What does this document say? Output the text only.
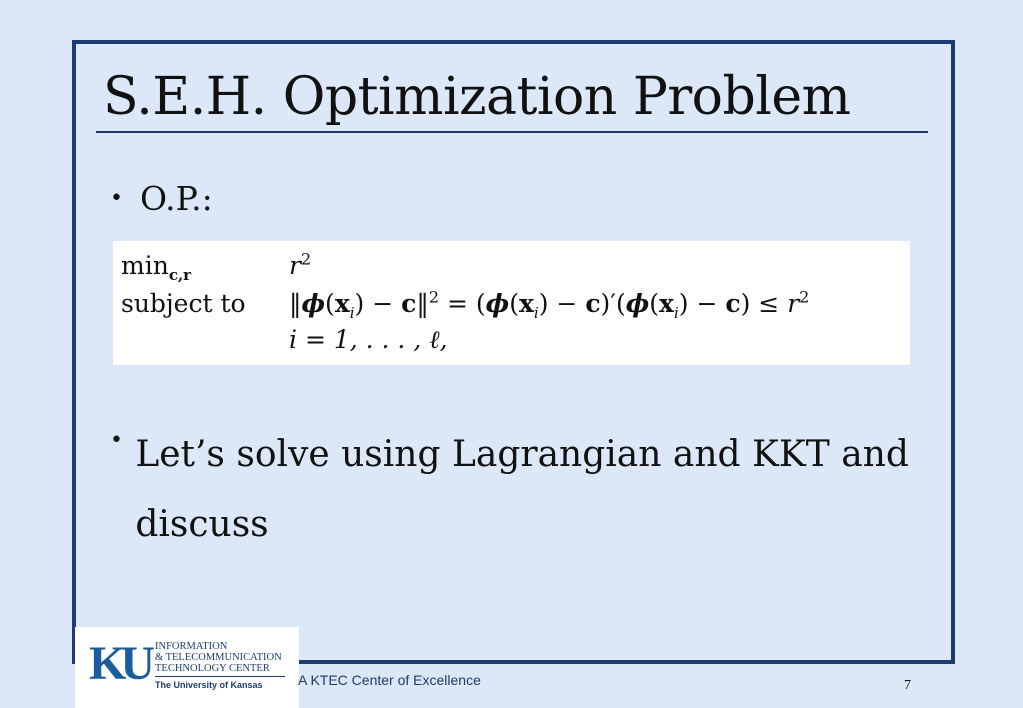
S.E.H. Optimization Problem
• O.P.:
$\min_{c,r}$	$r^2$
subject to	$‖\phi(x_i)$ − c‖$^2$ = $(\phi(x_i) - c)'(\phi(x_i) - c) \le r^2$
i = 1, . . . , ℓ,
• Let’s solve using Lagrangian and KKT and discuss
KU INFORMATION
& TELECOMMUNICATION
TECHNOLOGY CENTER
The University of Kansas	A KTEC Center of Excellence	7
